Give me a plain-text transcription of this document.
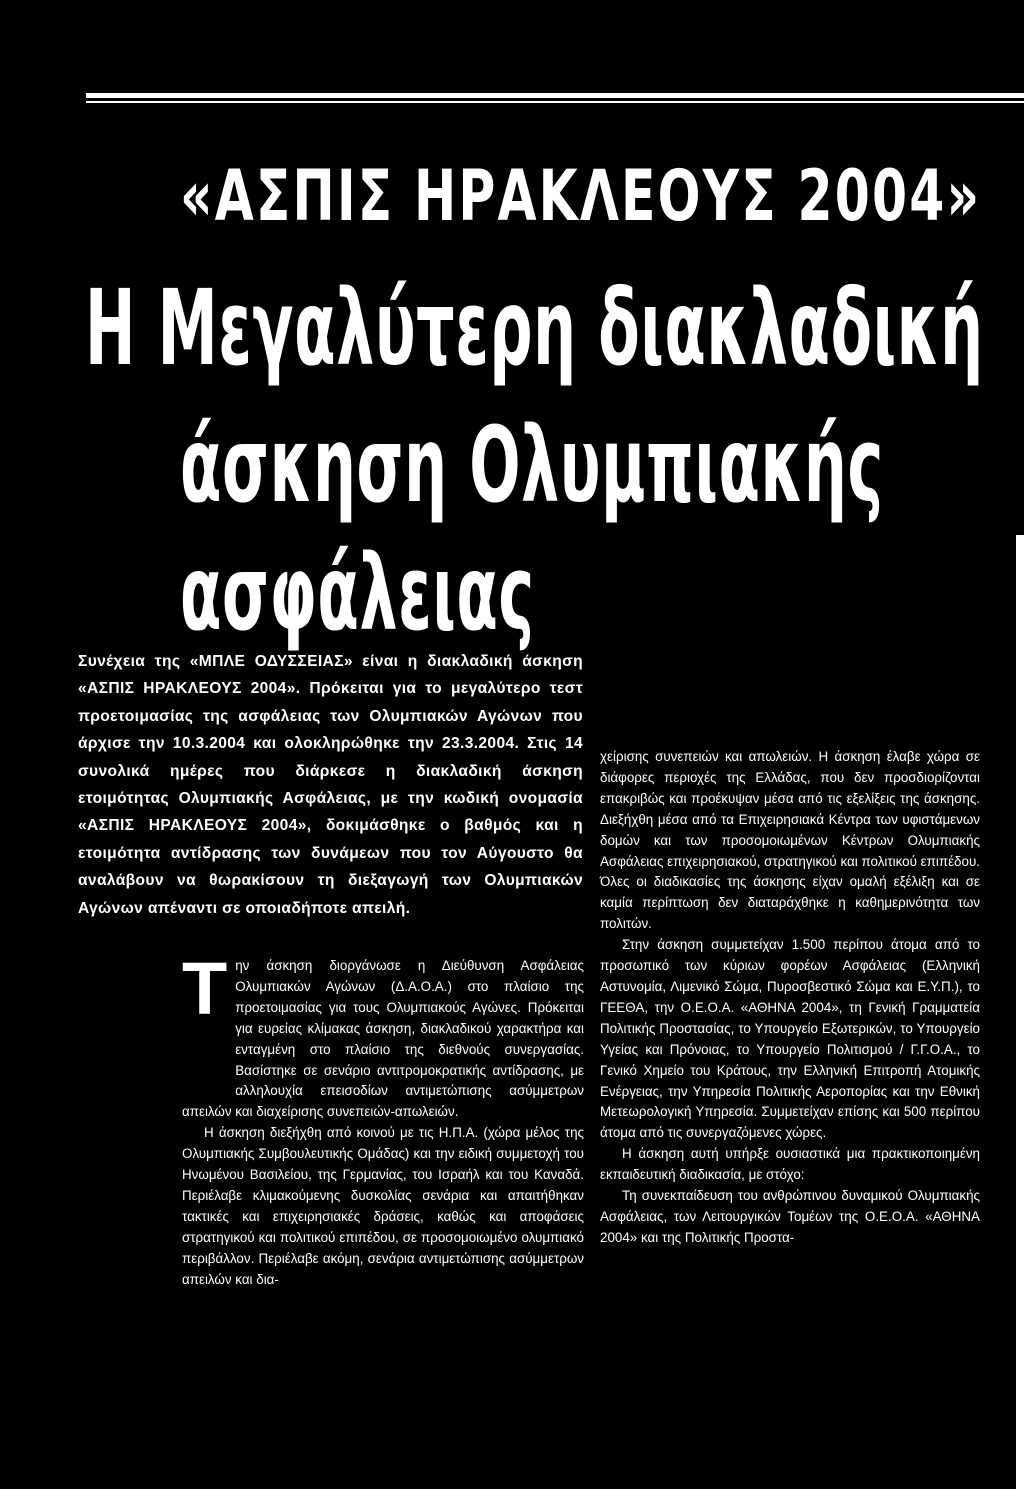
«ΑΣΠΙΣ ΗΡΑΚΛΕΟΥΣ 2004»
Η Μεγαλύτερη διακλαδική
άσκηση Ολυμπιακής
ασφάλειας
Συνέχεια της «ΜΠΛΕ ΟΔΥΣΣΕΙΑΣ» είναι η διακλαδική άσκηση «ΑΣΠΙΣ ΗΡΑΚΛΕΟΥΣ 2004». Πρόκειται για το μεγαλύτερο τεστ προετοιμασίας της ασφάλειας των Ολυμπιακών Αγώνων που άρχισε την 10.3.2004 και ολοκληρώθηκε την 23.3.2004. Στις 14 συνολικά ημέρες που διάρκεσε η διακλαδική άσκηση ετοιμότητας Ολυμπιακής Ασφάλειας, με την κωδική ονομασία «ΑΣΠΙΣ ΗΡΑΚΛΕΟΥΣ 2004», δοκιμάσθηκε ο βαθμός και η ετοιμότητα αντίδρασης των δυνάμεων που τον Αύγουστο θα αναλάβουν να θωρακίσουν τη διεξαγωγή των Ολυμπιακών Αγώνων απέναντι σε οποιαδήποτε απειλή.

Την άσκηση διοργάνωσε η Διεύθυνση Ασφάλειας Ολυμπιακών Αγώνων (Δ.Α.Ο.Α.) στο πλαίσιο της προετοιμασίας για τους Ολυμπιακούς Αγώνες. Πρόκειται για ευρείας κλίμακας άσκηση, διακλαδικού χαρακτήρα και ενταγμένη στο πλαίσιο της διεθνούς συνεργασίας. Βασίστηκε σε σενάριο αντιτρομοκρατικής αντίδρασης, με αλληλουχία επεισοδίων αντιμετώπισης ασύμμετρων απειλών και διαχείρισης συνεπειών-απωλειών.

Η άσκηση διεξήχθη από κοινού με τις Η.Π.Α. (χώρα μέλος της Ολυμπιακής Συμβουλευτικής Ομάδας) και την ειδική συμμετοχή του Ηνωμένου Βασιλείου, της Γερμανίας, του Ισραήλ και του Καναδά. Περιέλαβε κλιμακούμενης δυσκολίας σενάρια και απαιτήθηκαν τακτικές και επιχειρησιακές δράσεις, καθώς και αποφάσεις στρατηγικού και πολιτικού επιπέδου, σε προσομοιωμένο ολυμπιακό περιβάλλον. Περιέλαβε ακόμη, σενάρια αντιμετώπισης ασύμμετρων απειλών και δια-

χείρισης συνεπειών και απωλειών. Η άσκηση έλαβε χώρα σε διάφορες περιοχές της Ελλάδας, που δεν προσδιορίζονται επακριβώς και προέκυψαν μέσα από τις εξελίξεις της άσκησης. Διεξήχθη μέσα από τα Επιχειρησιακά Κέντρα των υφιστάμενων δομών και των προσομοιωμένων Κέντρων Ολυμπιακής Ασφάλειας επιχειρησιακού, στρατηγικού και πολιτικού επιπέδου. Όλες οι διαδικασίες της άσκησης είχαν ομαλή εξέλιξη και σε καμία περίπτωση δεν διαταράχθηκε η καθημερινότητα των πολιτών.

Στην άσκηση συμμετείχαν 1.500 περίπου άτομα από το προσωπικό των κύριων φορέων Ασφάλειας (Ελληνική Αστυνομία, Λιμενικό Σώμα, Πυροσβεστικό Σώμα και Ε.Υ.Π.), το ΓΕΕΘΑ, την Ο.Ε.Ο.Α. «ΑΘΗΝΑ 2004», τη Γενική Γραμματεία Πολιτικής Προστασίας, το Υπουργείο Εξωτερικών, το Υπουργείο Υγείας και Πρόνοιας, το Υπουργείο Πολιτισμού / Γ.Γ.Ο.Α., το Γενικό Χημείο του Κράτους, την Ελληνική Επιτροπή Ατομικής Ενέργειας, την Υπηρεσία Πολιτικής Αεροπορίας και την Εθνική Μετεωρολογική Υπηρεσία. Συμμετείχαν επίσης και 500 περίπου άτομα από τις συνεργαζόμενες χώρες.

Η άσκηση αυτή υπήρξε ουσιαστικά μια πρακτικοποιημένη εκπαιδευτική διαδικασία, με στόχο:

Τη συνεκπαίδευση του ανθρώπινου δυναμικού Ολυμπιακής Ασφάλειας, των Λειτουργικών Τομέων της Ο.Ε.Ο.Α. «ΑΘΗΝΑ 2004» και της Πολιτικής Προστα-
